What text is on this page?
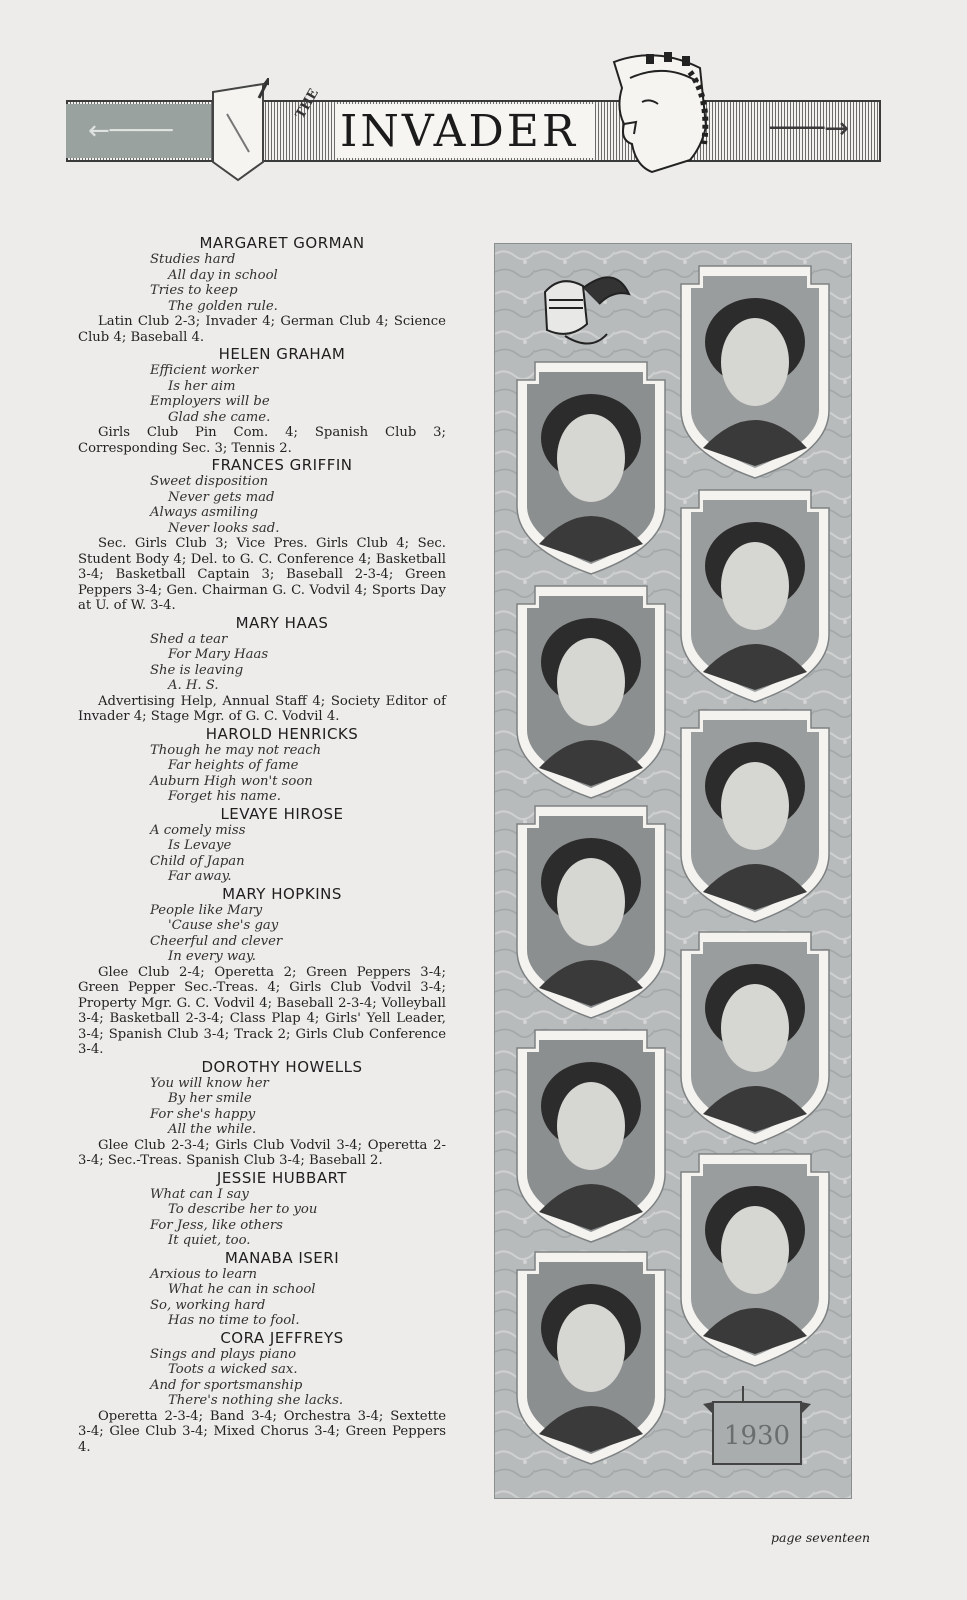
←────	───→
INVADER
THE
MARGARET GORMAN
Studies hard
All day in school
Tries to keep
The golden rule.
Latin Club 2-3; Invader 4; German Club 4; Science Club 4; Baseball 4.
HELEN GRAHAM
Efficient worker
Is her aim
Employers will be
Glad she came.
Girls Club Pin Com. 4; Spanish Club 3; Corresponding Sec. 3; Tennis 2.
FRANCES GRIFFIN
Sweet disposition
Never gets mad
Always asmiling
Never looks sad.
Sec. Girls Club 3; Vice Pres. Girls Club 4; Sec. Student Body 4; Del. to G. C. Conference 4; Basketball 3-4; Basketball Captain 3; Baseball 2-3-4; Green Peppers 3-4; Gen. Chairman G. C. Vodvil 4; Sports Day at U. of W. 3-4.
MARY HAAS
Shed a tear
For Mary Haas
She is leaving
A. H. S.
Advertising Help, Annual Staff 4; Society Editor of Invader 4; Stage Mgr. of G. C. Vodvil 4.
HAROLD HENRICKS
Though he may not reach
Far heights of fame
Auburn High won't soon
Forget his name.
LEVAYE HIROSE
A comely miss
Is Levaye
Child of Japan
Far away.
MARY HOPKINS
People like Mary
'Cause she's gay
Cheerful and clever
In every way.
Glee Club 2-4; Operetta 2; Green Peppers 3-4; Green Pepper Sec.-Treas. 4; Girls Club Vodvil 3-4; Property Mgr. G. C. Vodvil 4; Baseball 2-3-4; Volleyball 3-4; Basketball 2-3-4; Class Plap 4; Girls' Yell Leader, 3-4; Spanish Club 3-4; Track 2; Girls Club Conference 3-4.
DOROTHY HOWELLS
You will know her
By her smile
For she's happy
All the while.
Glee Club 2-3-4; Girls Club Vodvil 3-4; Operetta 2-3-4; Sec.-Treas. Spanish Club 3-4; Baseball 2.
JESSIE HUBBART
What can I say
To describe her to you
For Jess, like others
It quiet, too.
MANABA ISERI
Arxious to learn
What he can in school
So, working hard
Has no time to fool.
CORA JEFFREYS
Sings and plays piano
Toots a wicked sax.
And for sportsmanship
There's nothing she lacks.
Operetta 2-3-4; Band 3-4; Orchestra 3-4; Sextette 3-4; Glee Club 3-4; Mixed Chorus 3-4; Green Peppers 4.	1930
page seventeen
